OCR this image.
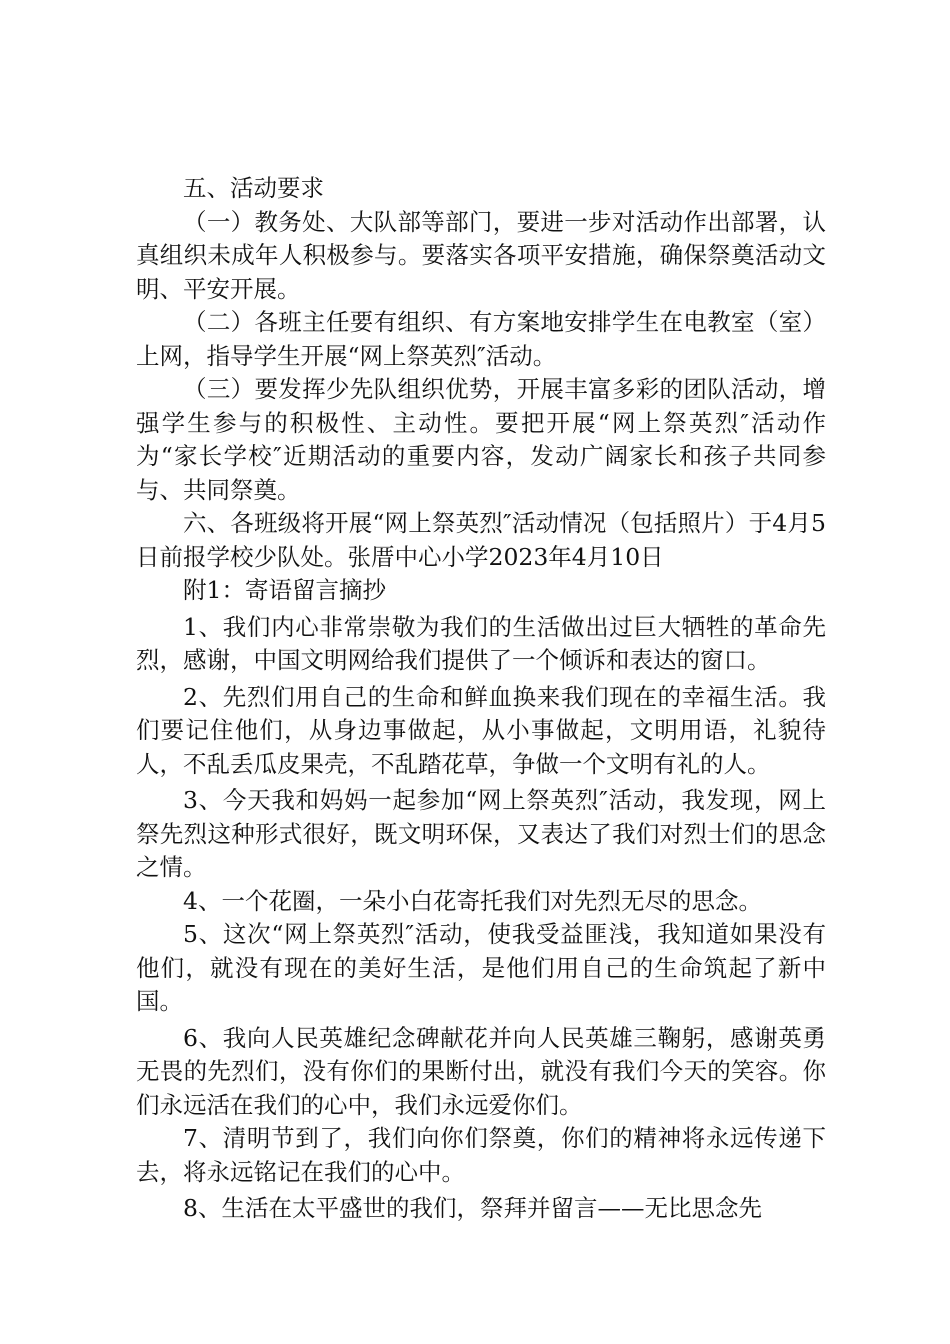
五、活动要求

（一）教务处、大队部等部门，要进一步对活动作出部署，认真组织未成年人积极参与。要落实各项平安措施，确保祭奠活动文明、平安开展。

（二）各班主任要有组织、有方案地安排学生在电教室（室）上网，指导学生开展“网上祭英烈″活动。

（三）要发挥少先队组织优势，开展丰富多彩的团队活动，增强学生参与的积极性、主动性。要把开展“网上祭英烈″活动作为“家长学校″近期活动的重要内容，发动广阔家长和孩子共同参与、共同祭奠。

六、各班级将开展“网上祭英烈″活动情况（包括照片）于4月5日前报学校少队处。张厝中心小学2023年4月10日

附1：寄语留言摘抄

1、我们内心非常崇敬为我们的生活做出过巨大牺牲的革命先烈，感谢，中国文明网给我们提供了一个倾诉和表达的窗口。

2、先烈们用自己的生命和鲜血换来我们现在的幸福生活。我们要记住他们，从身边事做起，从小事做起，文明用语，礼貌待人，不乱丢瓜皮果壳，不乱踏花草，争做一个文明有礼的人。

3、今天我和妈妈一起参加“网上祭英烈″活动，我发现，网上祭先烈这种形式很好，既文明环保，又表达了我们对烈士们的思念之情。

4、一个花圈，一朵小白花寄托我们对先烈无尽的思念。

5、这次“网上祭英烈″活动，使我受益匪浅，我知道如果没有他们，就没有现在的美好生活，是他们用自己的生命筑起了新中国。

6、我向人民英雄纪念碑献花并向人民英雄三鞠躬，感谢英勇无畏的先烈们，没有你们的果断付出，就没有我们今天的笑容。你们永远活在我们的心中，我们永远爱你们。

7、清明节到了，我们向你们祭奠，你们的精神将永远传递下去，将永远铭记在我们的心中。

8、生活在太平盛世的我们，祭拜并留言——无比思念先
